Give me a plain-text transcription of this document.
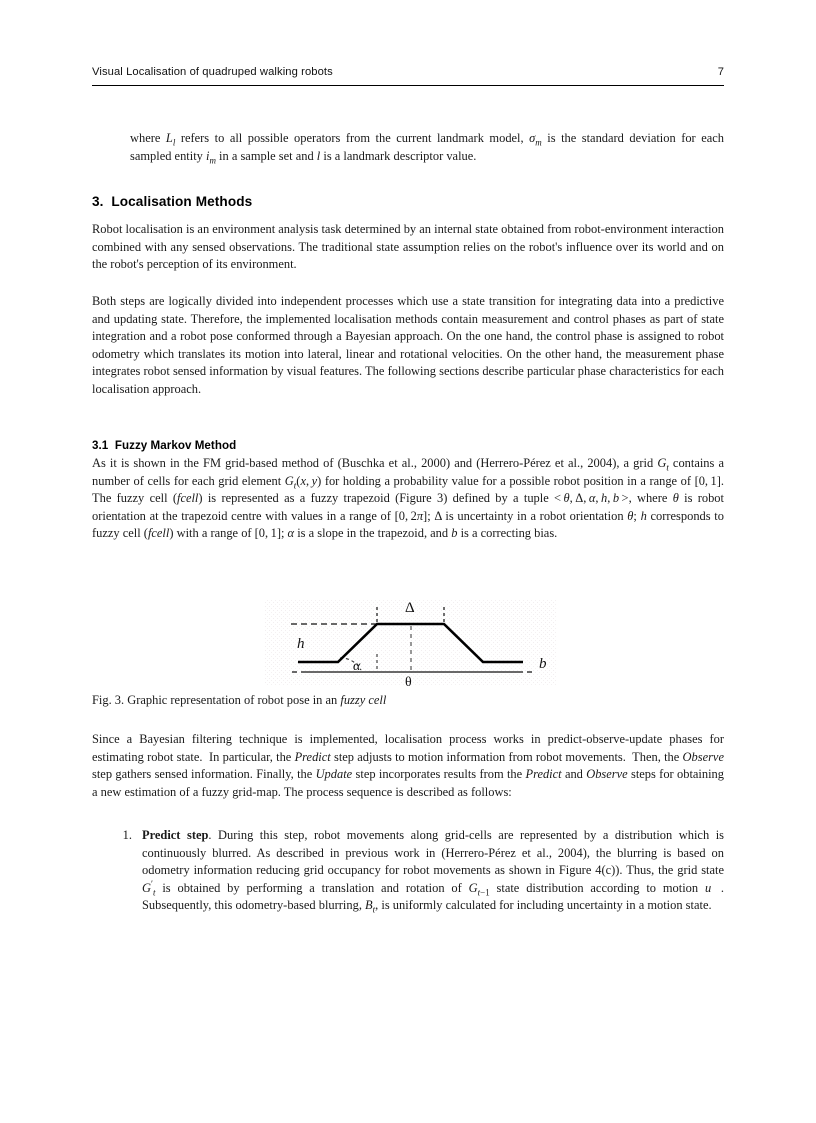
Visual Localisation of quadruped walking robots	7

where $L_l$ refers to all possible operators from the current landmark model, $\sigma_m$ is the standard deviation for each sampled entity $i_m$ in a sample set and l is a landmark descriptor value.

3. Localisation Methods

Robot localisation is an environment analysis task determined by an internal state obtained from robot-environment interaction combined with any sensed observations. The traditional state assumption relies on the robot's influence over its world and on the robot's perception of its environment.

Both steps are logically divided into independent processes which use a state transition for integrating data into a predictive and updating state. Therefore, the implemented localisation methods contain measurement and control phases as part of state integration and a robot pose conformed through a Bayesian approach. On the one hand, the control phase is assigned to robot odometry which translates its motion into lateral, linear and rotational velocities. On the other hand, the measurement phase integrates robot sensed information by visual features. The following sections describe particular phase characteristics for each localisation approach.

3.1 Fuzzy Markov Method

As it is shown in the FM grid-based method of (Buschka et al., 2000) and (Herrero-Pérez et al., 2004), a grid $G_t$ contains a number of cells for each grid element $G_t(x$, y) for holding a probability value for a possible robot position in a range of [0, 1]. The fuzzy cell (fcell) is represented as a fuzzy trapezoid (Figure 3) defined by a tuple < θ, Δ, α, h, b >, where θ is robot orientation at the trapezoid centre with values in a range of [0, 2π]; Δ is uncertainty in a robot orientation θ; h corresponds to fuzzy cell (fcell) with a range of [0, 1]; α is a slope in the trapezoid, and b is a correcting bias.

h
Δ
α
θ
b
Fig. 3. Graphic representation of robot pose in an fuzzy cell

Since a Bayesian filtering technique is implemented, localisation process works in predict-observe-update phases for estimating robot state.  In particular, the Predict step adjusts to motion information from robot movements.  Then, the Observe step gathers sensed information. Finally, the Update step incorporates results from the Predict and Observe steps for obtaining a new estimation of a fuzzy grid-map. The process sequence is described as follows:

1. Predict step. During this step, robot movements along grid-cells are represented by a distribution which is continuously blurred. As described in previous work in (Herrero-Pérez et al., 2004), the blurring is based on odometry information reducing grid occupancy for robot movements as shown in Figure 4(c)). Thus, the grid state $G'_t$ is obtained by performing a translation and rotation of $G_{t-1}$ state distribution according to motion u⃗. Subsequently, this odometry-based blurring, $B_t$, is uniformly calculated for including uncertainty in a motion state.
